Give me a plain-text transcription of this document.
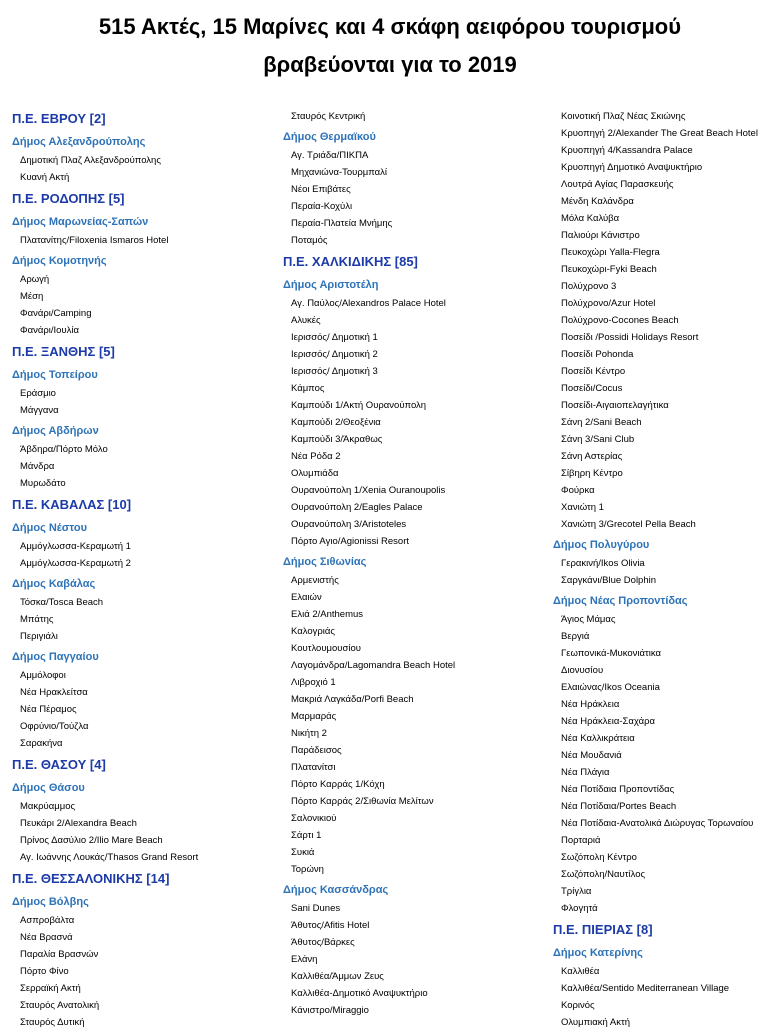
515 Ακτές, 15 Μαρίνες και 4 σκάφη αειφόρου τουρισμού
βραβεύονται για το 2019
Π.Ε. ΕΒΡΟΥ [2]
Δήμος Αλεξανδρούπολης
Δημοτική Πλαζ Αλεξανδρούπολης
Κυανή Ακτή
Π.Ε. ΡΟΔΟΠΗΣ [5]
Δήμος Μαρωνείας-Σαπών
Πλατανίτης/Filoxenia Ismaros Hotel
Δήμος Κομοτηνής
Αρωγή
Μέση
Φανάρι/Camping
Φανάρι/Ιουλία
Π.Ε. ΞΑΝΘΗΣ [5]
Δήμος Τοπείρου
Εράσμιο
Μάγγανα
Δήμος Αβδήρων
Άβδηρα/Πόρτο Μόλο
Μάνδρα
Μυρωδάτο
Π.Ε. ΚΑΒΑΛΑΣ [10]
Δήμος Νέστου
Αμμόγλωσσα-Κεραμωτή 1
Αμμόγλωσσα-Κεραμωτή 2
Δήμος Καβάλας
Τόσκα/Tosca Beach
Μπάτης
Περιγιάλι
Δήμος Παγγαίου
Αμμόλοφοι
Νέα Ηρακλείτσα
Νέα Πέραμος
Οφρύνιο/Τούζλα
Σαρακήνα
Π.Ε. ΘΑΣΟΥ [4]
Δήμος Θάσου
Μακρύαμμος
Πευκάρι 2/Alexandra Beach
Πρίνος Δασύλιο 2/Ilio Mare Beach
Αγ. Ιωάννης Λουκάς/Thasos Grand Resort
Π.Ε. ΘΕΣΣΑΛΟΝΙΚΗΣ [14]
Δήμος Βόλβης
Ασπροβάλτα
Νέα Βρασνά
Παραλία Βρασνών
Πόρτο Φίνο
Σερραϊκή Ακτή
Σταυρός Ανατολική
Σταυρός Δυτική
Σταυρός Κεντρική
Δήμος Θερμαϊκού
Αγ. Τριάδα/ΠΙΚΠΑ
Μηχανιώνα-Τουρμπαλί
Νέοι Επιβάτες
Περαία-Κοχύλι
Περαία-Πλατεία Μνήμης
Ποταμός
Π.Ε. ΧΑΛΚΙΔΙΚΗΣ [85]
Δήμος Αριστοτέλη
Αγ. Παύλος/Alexandros Palace Hotel
Αλυκές
Ιερισσός/ Δημοτική 1
Ιερισσός/ Δημοτική 2
Ιερισσός/ Δημοτική 3
Κάμπος
Καμπούδι 1/Ακτή Ουρανούπολη
Καμπούδι 2/Θεοξένια
Καμπούδι 3/Άκραθως
Νέα Ρόδα 2
Ολυμπιάδα
Ουρανούπολη 1/Xenia Ouranoupolis
Ουρανούπολη 2/Eagles Palace
Ουρανούπολη 3/Aristoteles
Πόρτο Αγιο/Agionissi Resort
Δήμος Σιθωνίας
Αρμενιστής
Ελαιών
Ελιά 2/Anthemus
Καλογριάς
Κουτλουμουσίου
Λαγομάνδρα/Lagomandra Beach Hotel
Λιβροχιό 1
Μακριά Λαγκάδα/Porfi Beach
Μαρμαράς
Νικήτη 2
Παράδεισος
Πλατανίτσι
Πόρτο Καρράς 1/Κόχη
Πόρτο Καρράς 2/Σιθωνία Μελίτων
Σαλονικιού
Σάρτι 1
Συκιά
Τορώνη
Δήμος Κασσάνδρας
Sani Dunes
Άθυτος/Afitis Hotel
Άθυτος/Βάρκες
Ελάνη
Καλλιθέα/Άμμων Ζευς
Καλλιθέα-Δημοτικό Αναψυκτήριο
Κάνιστρο/Miraggio
Κοινοτική Πλαζ Νέας Σκιώνης
Κρυοπηγή 2/Alexander The Great Beach Hotel
Κρυοπηγή 4/Kassandra Palace
Κρυοπηγή Δημοτικό Αναψυκτήριο
Λουτρά Αγίας Παρασκευής
Μένδη Καλάνδρα
Μόλα Καλύβα
Παλιούρι Κάνιστρο
Πευκοχώρι Yalla-Flegra
Πευκοχώρι-Fyki Beach
Πολύχρονο 3
Πολύχρονο/Azur Hotel
Πολύχρονο-Cocones Beach
Ποσείδι /Possidi Holidays Resort
Ποσείδι Pohonda
Ποσείδι Κέντρο
Ποσείδι/Cocus
Ποσείδι-Αιγαιοπελαγήτικα
Σάνη 2/Sani Beach
Σάνη 3/Sani Club
Σάνη Αστερίας
Σίβηρη Κέντρο
Φούρκα
Χανιώτη 1
Χανιώτη 3/Grecotel Pella Beach
Δήμος Πολυγύρου
Γερακινή/Ikos Olivia
Σαργκάνι/Blue Dolphin
Δήμος Νέας Προποντίδας
Άγιος Μάμας
Βεργιά
Γεωπονικά-Μυκονιάτικα
Διονυσίου
Ελαιώνας/Ikos Oceania
Νέα Ηράκλεια
Νέα Ηράκλεια-Σαχάρα
Νέα Καλλικράτεια
Νέα Μουδανιά
Νέα Πλάγια
Νέα Ποτίδαια Προποντίδας
Νέα Ποτίδαια/Portes Beach
Νέα Ποτίδαια-Ανατολικά Διώρυγας Τορωναίου
Πορταριά
Σωζόπολη Κέντρο
Σωζόπολη/Ναυτίλος
Τρίγλια
Φλογητά
Π.Ε. ΠΙΕΡΙΑΣ [8]
Δήμος Κατερίνης
Καλλιθέα
Καλλιθέα/Sentido Mediterranean Village
Κορινός
Ολυμπιακή Ακτή
